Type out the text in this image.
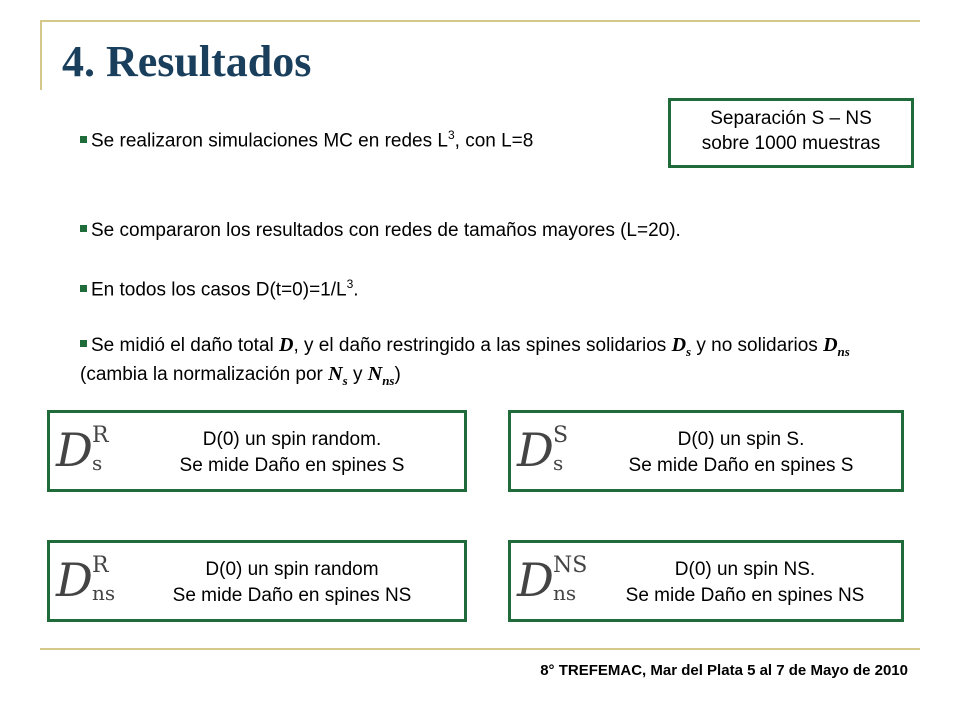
4. Resultados
Separación S – NS
sobre 1000 muestras
Se realizaron simulaciones MC en redes $L^3$, con L=8
Se compararon los resultados con redes de tamaños mayores (L=20).
En todos los casos $D(t=0)=1/L^3$.
Se midió el daño total D, y el daño restringido a las spines solidarios $D_s$ y no solidarios $D_{ns}$ (cambia la normalización por $N_s$ y $N_{ns}$)
D R
s
D(0) un spin random.
Se mide Daño en spines S	D S
s
D(0) un spin S.
Se mide Daño en spines S
D R
ns
D(0) un spin random
Se mide Daño en spines NS	D NS
ns
D(0) un spin NS.
Se mide Daño en spines NS
8° TREFEMAC, Mar del Plata 5 al 7 de Mayo de 2010
